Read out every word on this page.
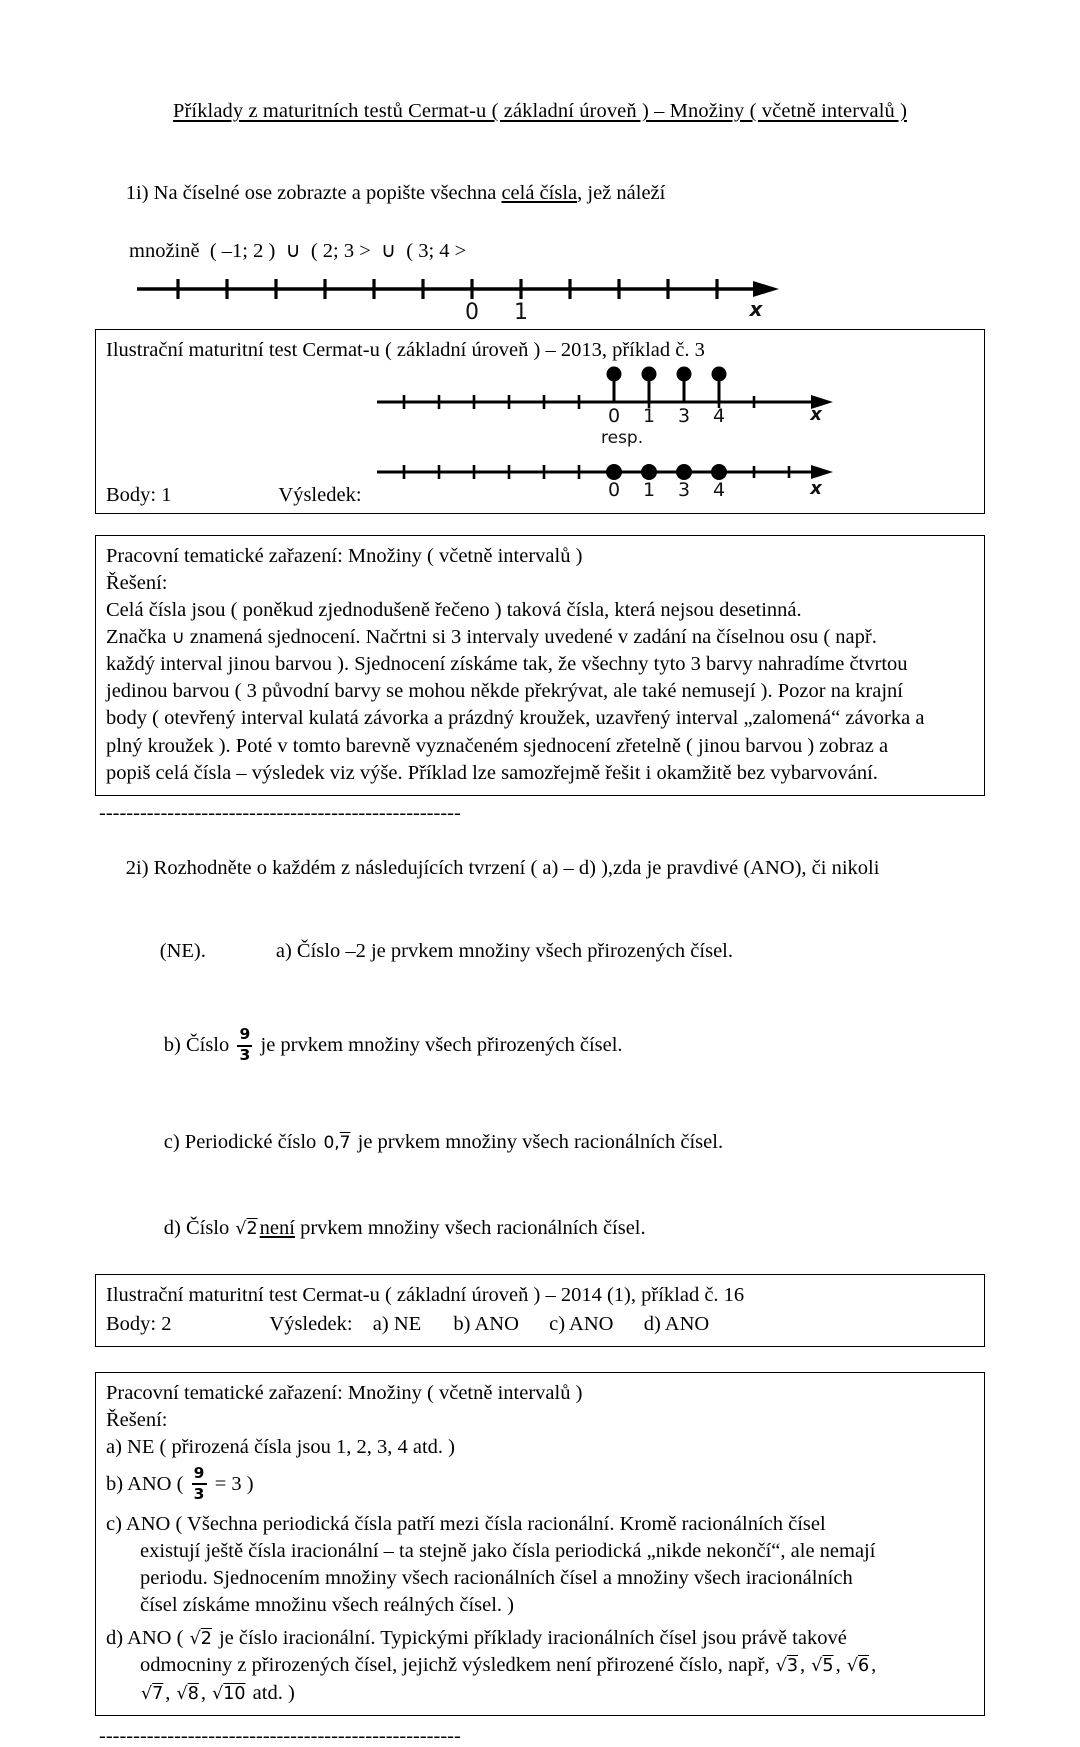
Příklady z maturitních testů Cermat-u ( základní úroveň ) – Množiny ( včetně intervalů )

1i) Na číselné ose zobrazte a popište všechna celá čísla, jež náleží

množině  ( –1; 2 )  ∪  ( 2; 3 >  ∪  ( 3; 4 >
0 1	x
Ilustrační maturitní test Cermat-u ( základní úroveň ) – 2013, příklad č. 3
0 1 3 4	x
resp.
0 1 3 4	x
Body: 1	Výsledek:
Pracovní tematické zařazení: Množiny ( včetně intervalů )
Řešení:
Celá čísla jsou ( poněkud zjednodušeně řečeno ) taková čísla, která nejsou desetinná.
Značka ∪ znamená sjednocení. Načrtni si 3 intervaly uvedené v zadání na číselnou osu ( např.
každý interval jinou barvou ). Sjednocení získáme tak, že všechny tyto 3 barvy nahradíme čtvrtou
jedinou barvou ( 3 původní barvy se mohou někde překrývat, ale také nemusejí ). Pozor na krajní
body ( otevřený interval kulatá závorka a prázdný kroužek, uzavřený interval „zalomená“ závorka a
plný kroužek ). Poté v tomto barevně vyznačeném sjednocení zřetelně ( jinou barvou ) zobraz a
popiš celá čísla – výsledek viz výše. Příklad lze samozřejmě řešit i okamžitě bez vybarvování.
-----------------------------------------------------

2i) Rozhodněte o každém z následujících tvrzení ( a) – d) ),zda je pravdivé (ANO), či nikoli

(NE).	a) Číslo –2 je prvkem množiny všech přirozených čísel.

b) Číslo $\frac{9}{3}$ je prvkem množiny všech přirozených čísel.

c) Periodické číslo 0,7 je prvkem množiny všech racionálních čísel.

d) Číslo √2není prvkem množiny všech racionálních čísel.

Ilustrační maturitní test Cermat-u ( základní úroveň ) – 2014 (1), příklad č. 16
Body: 2	Výsledek: a) NE b) ANO c) ANO d) ANO
Pracovní tematické zařazení: Množiny ( včetně intervalů )
Řešení:
a) NE ( přirozená čísla jsou 1, 2, 3, 4 atd. )
b) ANO ( $\frac{9}{3} = 3$ )
c) ANO ( Všechna periodická čísla patří mezi čísla racionální. Kromě racionálních čísel
existují ještě čísla iracionální – ta stejně jako čísla periodická „nikde nekončí“, ale nemají
periodu. Sjednocením množiny všech racionálních čísel a množiny všech iracionálních
čísel získáme množinu všech reálných čísel. )
d) ANO ( √2 je číslo iracionální. Typickými příklady iracionálních čísel jsou právě takové
odmocniny z přirozených čísel, jejichž výsledkem není přirozené číslo, např, √3, √5, √6,
√7, √8, √10 atd. )
-----------------------------------------------------
